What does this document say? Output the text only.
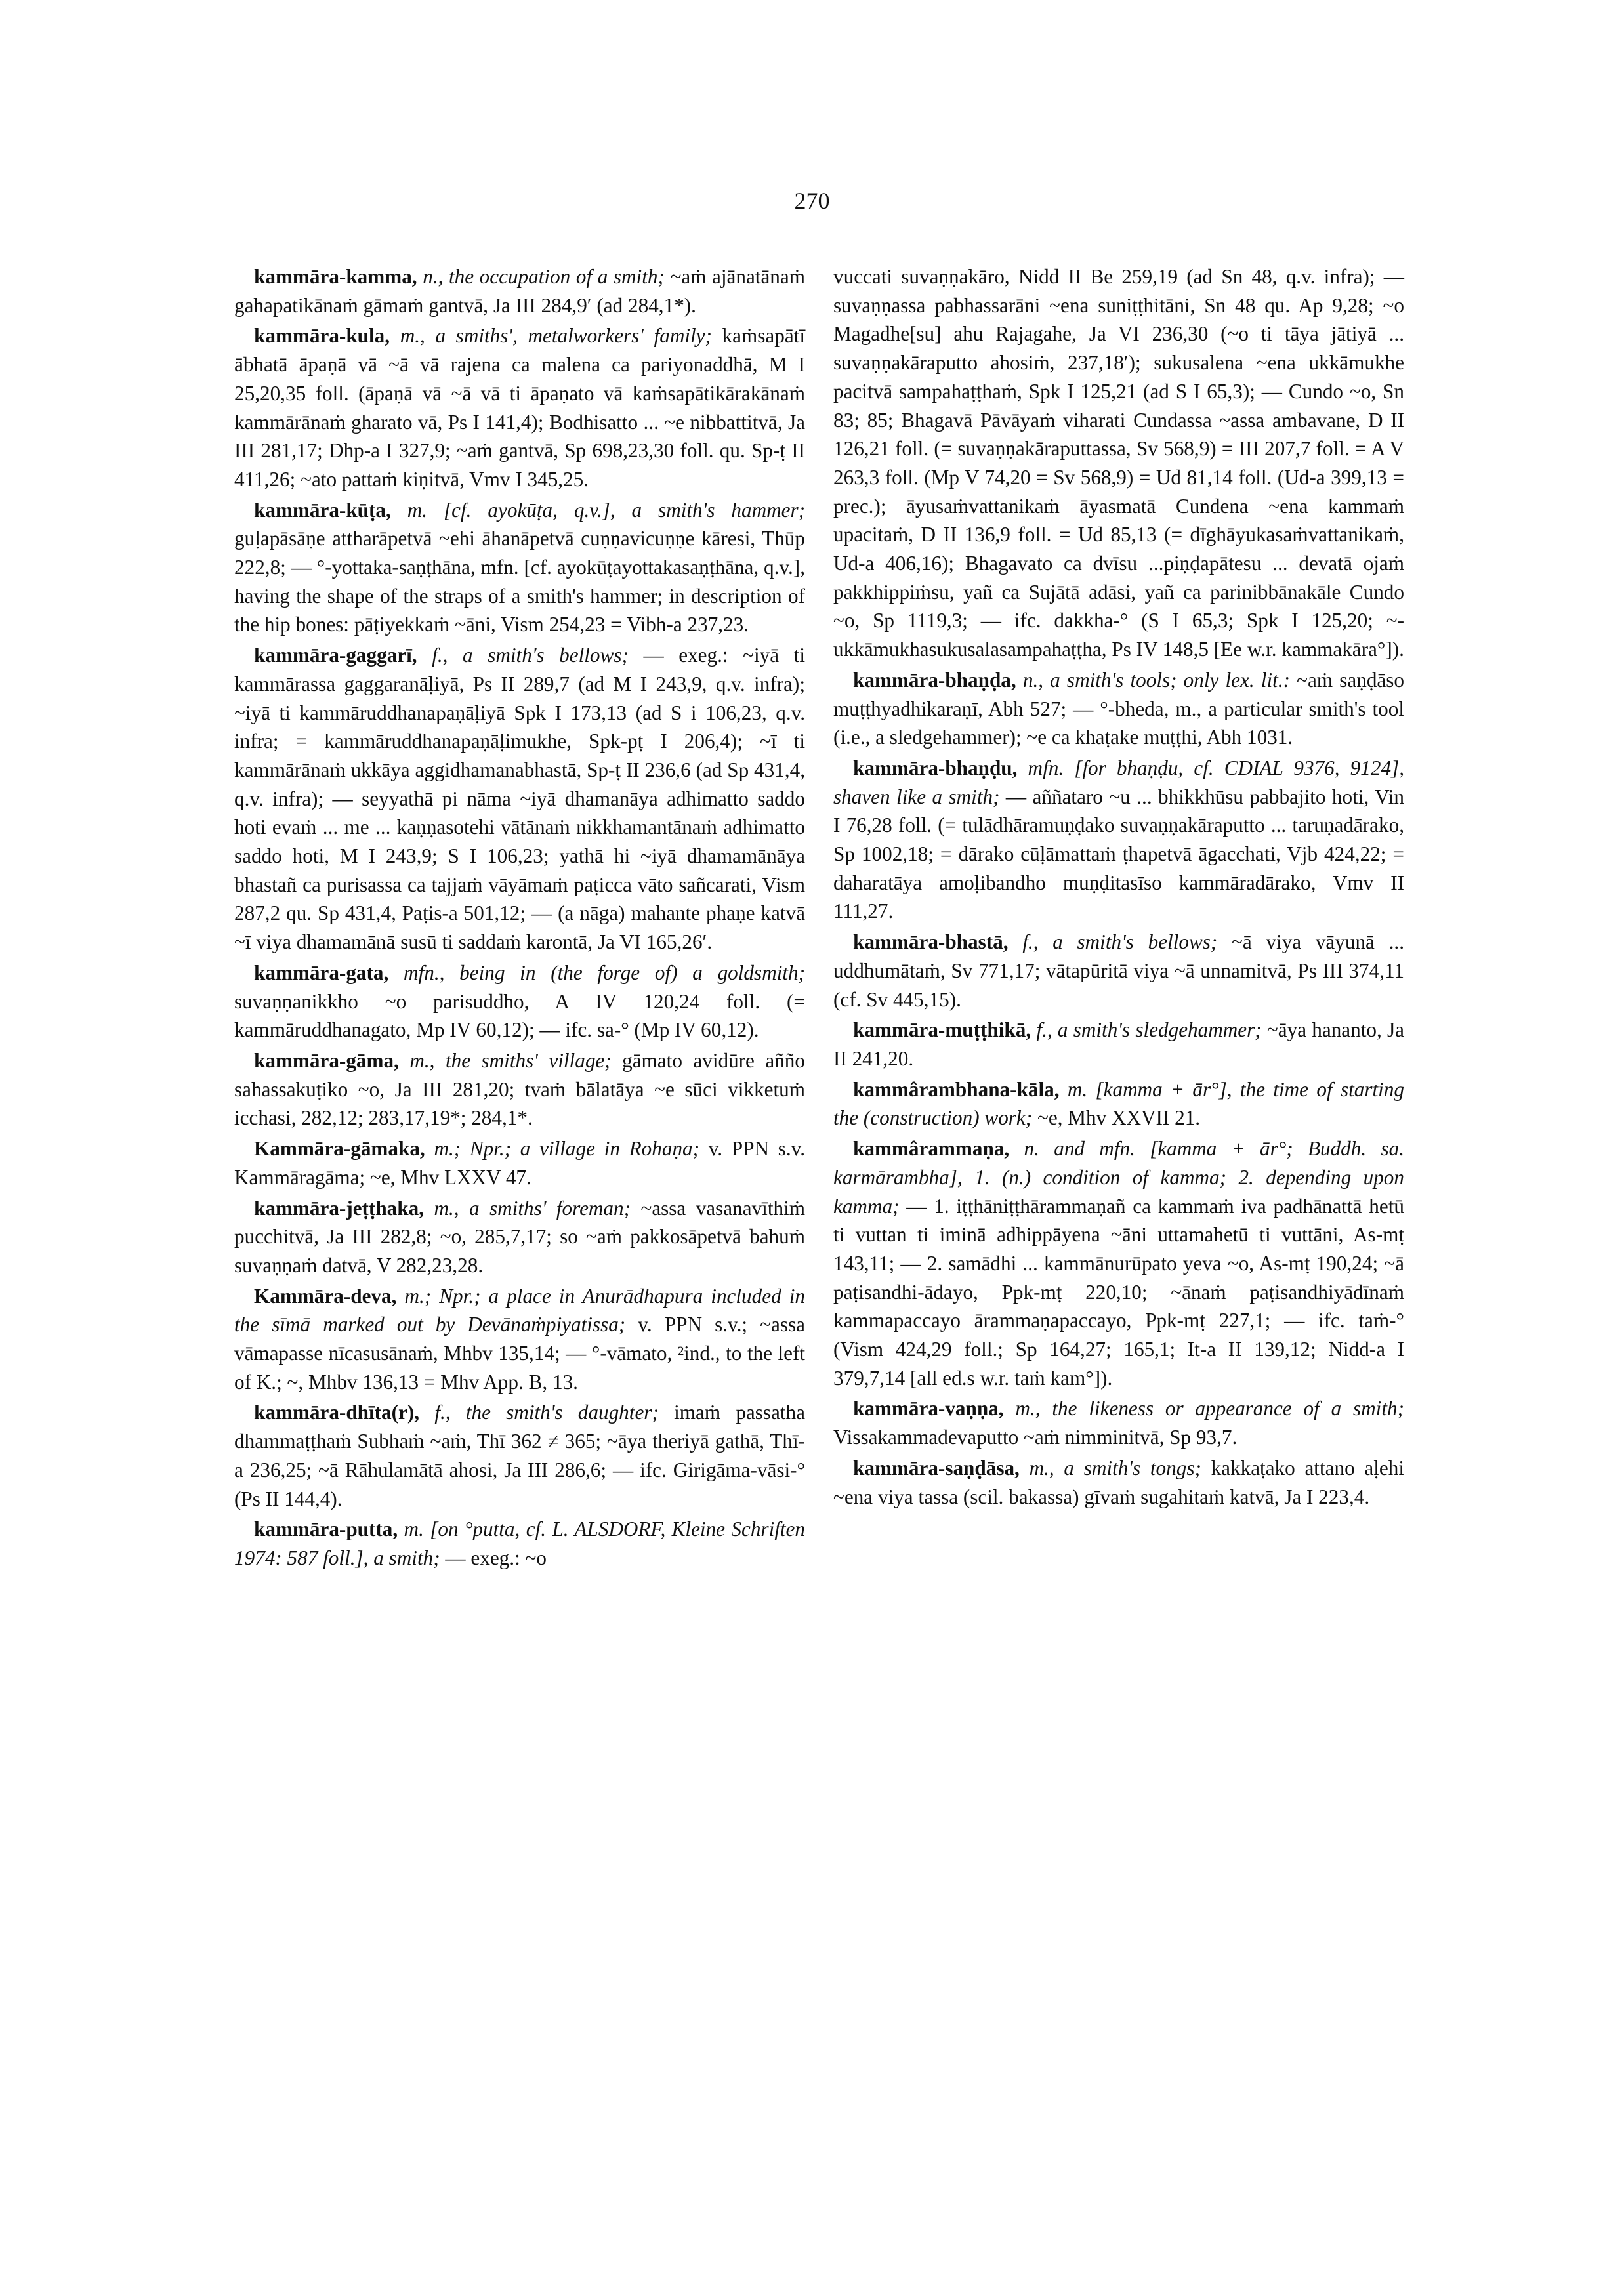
270

kammāra-kamma, n., the occupation of a smith; ~aṁ ajānatānaṁ gahapatikānaṁ gāmaṁ gantvā, Ja III 284,9′ (ad 284,1*).

kammāra-kula, m., a smiths', metalworkers' family; kaṁsapātī ābhatā āpaṇā vā ~ā vā rajena ca malena ca pariyonaddhā, M I 25,20,35 foll. (āpaṇā vā ~ā vā ti āpaṇato vā kaṁsapātikārakānaṁ kammārānaṁ gharato vā, Ps I 141,4); Bodhisatto ... ~e nibbattitvā, Ja III 281,17; Dhp-a I 327,9; ~aṁ gantvā, Sp 698,23,30 foll. qu. Sp-ṭ II 411,26; ~ato pattaṁ kiṇitvā, Vmv I 345,25.

kammāra-kūṭa, m. [cf. ayokūṭa, q.v.], a smith's hammer; guḷapāsāṇe attharāpetvā ~ehi āhanāpetvā cuṇṇavicuṇṇe kāresi, Thūp 222,8; — °-yottaka-saṇṭhāna, mfn. [cf. ayokūṭayottakasaṇṭhāna, q.v.], having the shape of the straps of a smith's hammer; in description of the hip bones: pāṭiyekkaṁ ~āni, Vism 254,23 = Vibh-a 237,23.

kammāra-gaggarī, f., a smith's bellows; — exeg.: ~iyā ti kammārassa gaggaranāḷiyā, Ps II 289,7 (ad M I 243,9, q.v. infra); ~iyā ti kammāruddhanapaṇāḷiyā Spk I 173,13 (ad S i 106,23, q.v. infra; = kammāruddhanapaṇāḷimukhe, Spk-pṭ I 206,4); ~ī ti kammārānaṁ ukkāya aggidhamanabhastā, Sp-ṭ II 236,6 (ad Sp 431,4, q.v. infra); — seyyathā pi nāma ~iyā dhamanāya adhimatto saddo hoti evaṁ ... me ... kaṇṇasotehi vātānaṁ nikkhamantānaṁ adhimatto saddo hoti, M I 243,9; S I 106,23; yathā hi ~iyā dhamamānāya bhastañ ca purisassa ca tajjaṁ vāyāmaṁ paṭicca vāto sañcarati, Vism 287,2 qu. Sp 431,4, Paṭis-a 501,12; — (a nāga) mahante phaṇe katvā ~ī viya dhamamānā susū ti saddaṁ karontā, Ja VI 165,26′.

kammāra-gata, mfn., being in (the forge of) a goldsmith; suvaṇṇanikkho ~o parisuddho, A IV 120,24 foll. (= kammāruddhanagato, Mp IV 60,12); — ifc. sa-° (Mp IV 60,12).

kammāra-gāma, m., the smiths' village; gāmato avidūre añño sahassakuṭiko ~o, Ja III 281,20; tvaṁ bālatāya ~e sūci vikketuṁ icchasi, 282,12; 283,17,19*; 284,1*.

Kammāra-gāmaka, m.; Npr.; a village in Rohaṇa; v. PPN s.v. Kammāragāma; ~e, Mhv LXXV 47.

kammāra-jeṭṭhaka, m., a smiths' foreman; ~assa vasanavīthiṁ pucchitvā, Ja III 282,8; ~o, 285,7,17; so ~aṁ pakkosāpetvā bahuṁ suvaṇṇaṁ datvā, V 282,23,28.

Kammāra-deva, m.; Npr.; a place in Anurādhapura included in the sīmā marked out by Devānaṁpiyatissa; v. PPN s.v.; ~assa vāmapasse nīcasusānaṁ, Mhbv 135,14; — °-vāmato, ²ind., to the left of K.; ~, Mhbv 136,13 = Mhv App. B, 13.

kammāra-dhīta(r), f., the smith's daughter; imaṁ passatha dhammaṭṭhaṁ Subhaṁ ~aṁ, Thī 362 ≠ 365; ~āya theriyā gathā, Thī-a 236,25; ~ā Rāhulamātā ahosi, Ja III 286,6; — ifc. Girigāma-vāsi-° (Ps II 144,4).

kammāra-putta, m. [on °putta, cf. L. ALSDORF, Kleine Schriften 1974: 587 foll.], a smith; — exeg.: ~o

vuccati suvaṇṇakāro, Nidd II Be 259,19 (ad Sn 48, q.v. infra); — suvaṇṇassa pabhassarāni ~ena suniṭṭhitāni, Sn 48 qu. Ap 9,28; ~o Magadhe[su] ahu Rajagahe, Ja VI 236,30 (~o ti tāya jātiyā ... suvaṇṇakāraputto ahosiṁ, 237,18′); sukusalena ~ena ukkāmukhe pacitvā sampahaṭṭhaṁ, Spk I 125,21 (ad S I 65,3); — Cundo ~o, Sn 83; 85; Bhagavā Pāvāyaṁ viharati Cundassa ~assa ambavane, D II 126,21 foll. (= suvaṇṇakāraputtassa, Sv 568,9) = III 207,7 foll. = A V 263,3 foll. (Mp V 74,20 = Sv 568,9) = Ud 81,14 foll. (Ud-a 399,13 = prec.); āyusaṁvattanikaṁ āyasmatā Cundena ~ena kammaṁ upacitaṁ, D II 136,9 foll. = Ud 85,13 (= dīghāyukasaṁvattanikaṁ, Ud-a 406,16); Bhagavato ca dvīsu ...piṇḍapātesu ... devatā ojaṁ pakkhippiṁsu, yañ ca Sujātā adāsi, yañ ca parinibbānakāle Cundo ~o, Sp 1119,3; — ifc. dakkha-° (S I 65,3; Spk I 125,20; ~-ukkāmukhasukusalasampahaṭṭha, Ps IV 148,5 [Ee w.r. kammakāra°]).

kammāra-bhaṇḍa, n., a smith's tools; only lex. lit.: ~aṁ saṇḍāso muṭṭhyadhikaraṇī, Abh 527; — °-bheda, m., a particular smith's tool (i.e., a sledgehammer); ~e ca khaṭake muṭṭhi, Abh 1031.

kammāra-bhaṇḍu, mfn. [for bhaṇḍu, cf. CDIAL 9376, 9124], shaven like a smith; — aññataro ~u ... bhikkhūsu pabbajito hoti, Vin I 76,28 foll. (= tulādhāramuṇḍako suvaṇṇakāraputto ... taruṇadārako, Sp 1002,18; = dārako cūḷāmattaṁ ṭhapetvā āgacchati, Vjb 424,22; = daharatāya amoḷibandho muṇḍitasīso kammāradārako, Vmv II 111,27.

kammāra-bhastā, f., a smith's bellows; ~ā viya vāyunā ... uddhumātaṁ, Sv 771,17; vātapūritā viya ~ā unnamitvā, Ps III 374,11 (cf. Sv 445,15).

kammāra-muṭṭhikā, f., a smith's sledgehammer; ~āya hananto, Ja II 241,20.

kammârambhana-kāla, m. [kamma + ār°], the time of starting the (construction) work; ~e, Mhv XXVII 21.

kammârammaṇa, n. and mfn. [kamma + ār°; Buddh. sa. karmārambha], 1. (n.) condition of kamma; 2. depending upon kamma; — 1. iṭṭhāniṭṭhārammaṇañ ca kammaṁ iva padhānattā hetū ti vuttan ti iminā adhippāyena ~āni uttamahetū ti vuttāni, As-mṭ 143,11; — 2. samādhi ... kammānurūpato yeva ~o, As-mṭ 190,24; ~ā paṭisandhi-ādayo, Ppk-mṭ 220,10; ~ānaṁ paṭisandhiyādīnaṁ kammapaccayo ārammaṇapaccayo, Ppk-mṭ 227,1; — ifc. taṁ-° (Vism 424,29 foll.; Sp 164,27; 165,1; It-a II 139,12; Nidd-a I 379,7,14 [all ed.s w.r. taṁ kam°]).

kammāra-vaṇṇa, m., the likeness or appearance of a smith; Vissakammadevaputto ~aṁ nimminitvā, Sp 93,7.

kammāra-saṇḍāsa, m., a smith's tongs; kakkaṭako attano aḷehi ~ena viya tassa (scil. bakassa) gīvaṁ sugahitaṁ katvā, Ja I 223,4.
